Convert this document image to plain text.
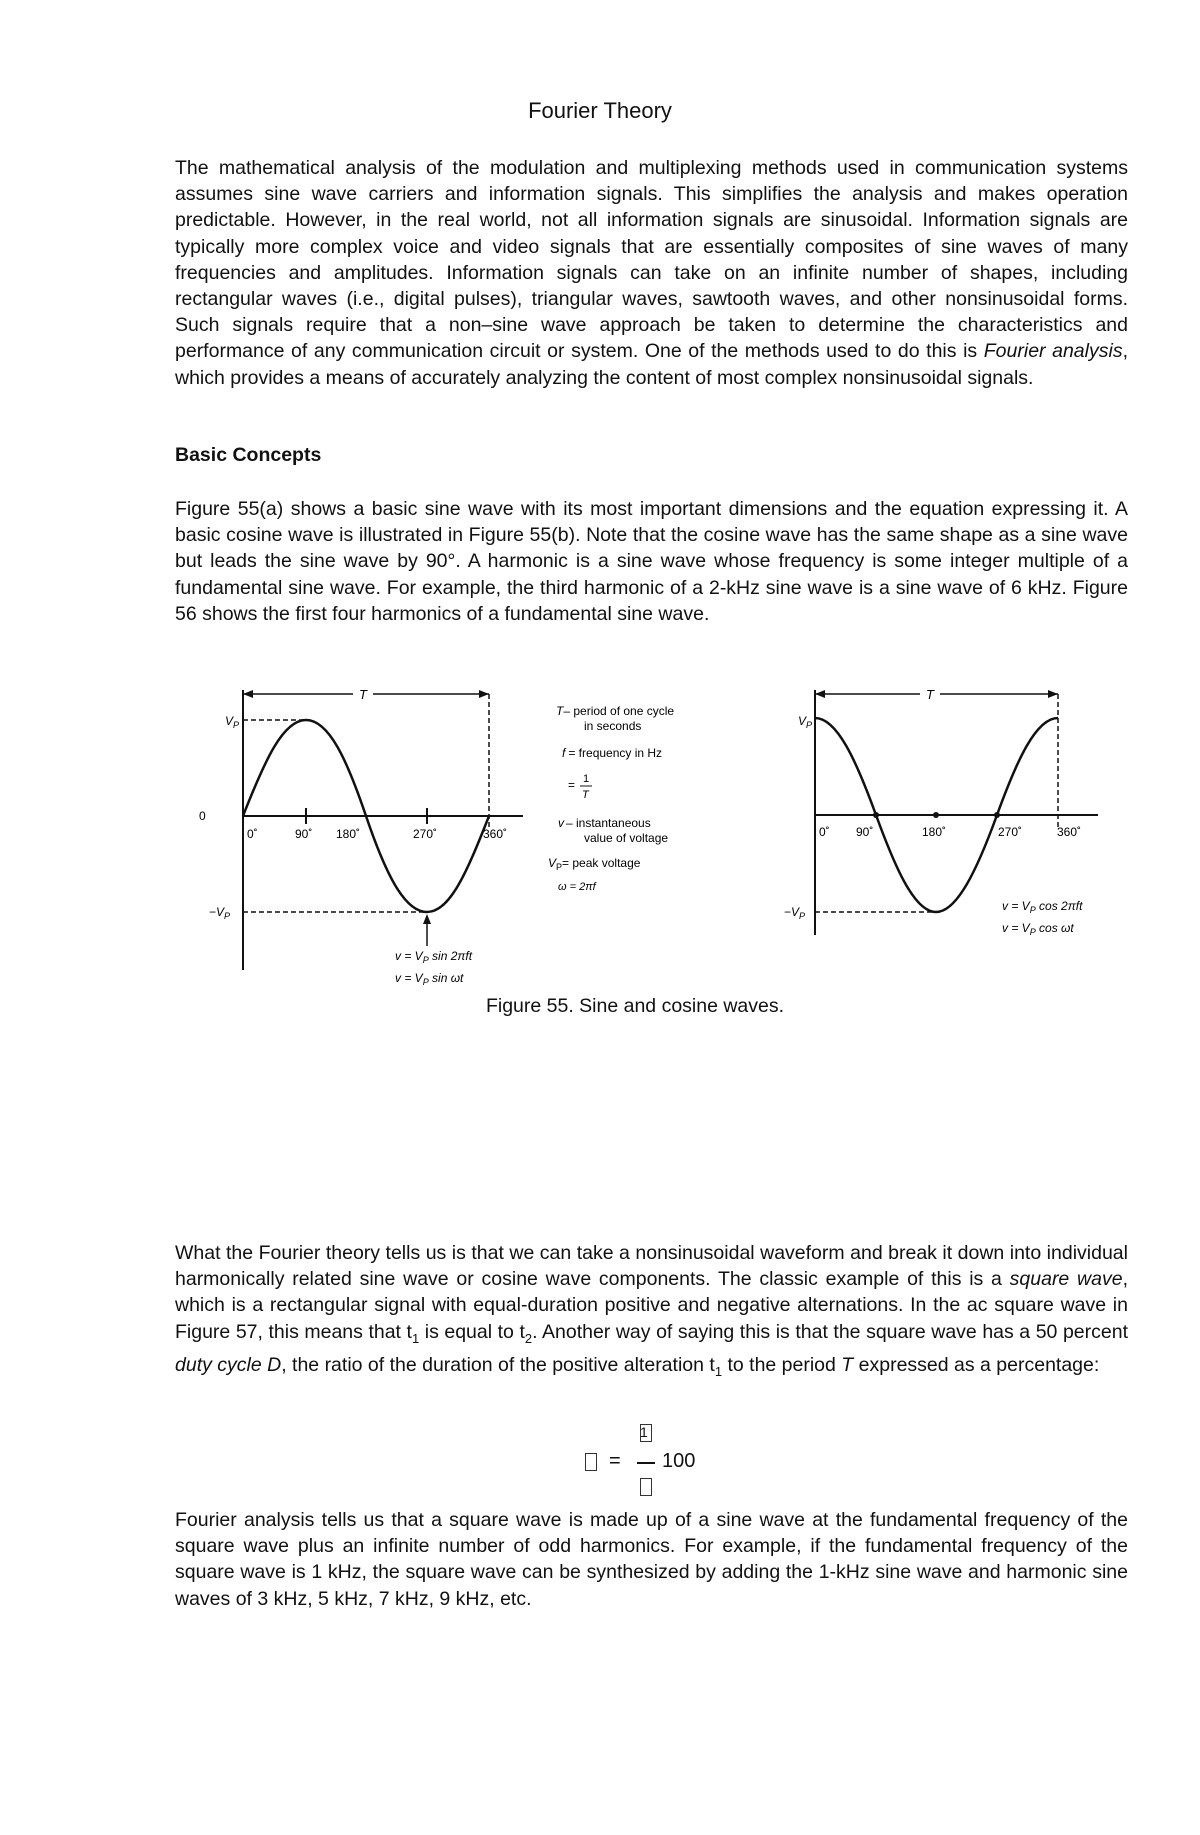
Fourier Theory

The mathematical analysis of the modulation and multiplexing methods used in communication systems assumes sine wave carriers and information signals. This simplifies the analysis and makes operation predictable. However, in the real world, not all information signals are sinusoidal. Information signals are typically more complex voice and video signals that are essentially composites of sine waves of many frequencies and amplitudes. Information signals can take on an infinite number of shapes, including rectangular waves (i.e., digital pulses), triangular waves, sawtooth waves, and other nonsinusoidal forms. Such signals require that a non–sine wave approach be taken to determine the characteristics and performance of any communication circuit or system. One of the methods used to do this is Fourier analysis, which provides a means of accurately analyzing the content of most complex nonsinusoidal signals.

Basic Concepts

Figure 55(a) shows a basic sine wave with its most important dimensions and the equation expressing it. A basic cosine wave is illustrated in Figure 55(b). Note that the cosine wave has the same shape as a sine wave but leads the sine wave by 90°. A harmonic is a sine wave whose frequency is some integer multiple of a fundamental sine wave. For example, the third harmonic of a 2-kHz sine wave is a sine wave of 6 kHz. Figure 56 shows the first four harmonics of a fundamental sine wave.

T
$V_P$
0
$-V_P$
0˚	90˚ 180˚	270˚	360˚
$v = V_P$ sin 2πft
$v = V_P$ sin ωt
T– period of one cycle
in seconds
f = frequency in Hz
= 1
T
v – instantaneous
value of voltage
$V_P=$ peak voltage
ω = 2πf
T
$V_P$
$-V_P$
0˚ 90˚	180˚	270˚	360˚
$v = V_P$ cos 2πft
$v = V_P$ cos ωt
Figure 55. Sine and cosine waves.

What the Fourier theory tells us is that we can take a nonsinusoidal waveform and break it down into individual harmonically related sine wave or cosine wave components. The classic example of this is a square wave, which is a rectangular signal with equal-duration positive and negative alternations. In the ac square wave in Figure 57, this means that $t_1$ is equal to $t_2$. Another way of saying this is that the square wave has a 50 percent duty cycle D, the ratio of the duration of the positive alteration $t_1$ to the period T expressed as a percentage:

1
= 100

Fourier analysis tells us that a square wave is made up of a sine wave at the fundamental frequency of the square wave plus an infinite number of odd harmonics. For example, if the fundamental frequency of the square wave is 1 kHz, the square wave can be synthesized by adding the 1-kHz sine wave and harmonic sine waves of 3 kHz, 5 kHz, 7 kHz, 9 kHz, etc.
